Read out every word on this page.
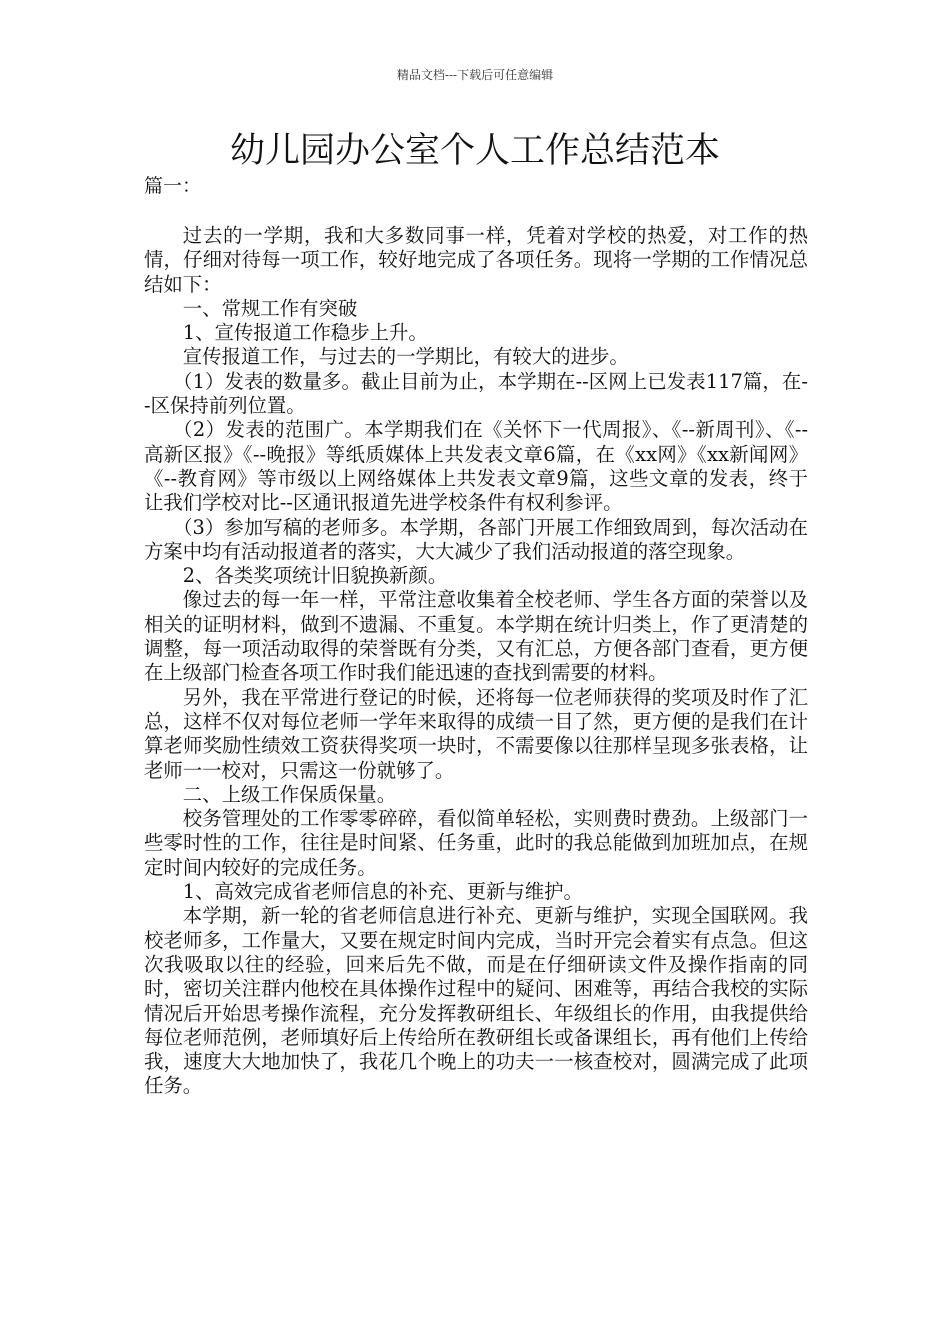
精品文档---下载后可任意编辑
幼儿园办公室个人工作总结范本
篇一：

过去的一学期，我和大多数同事一样，凭着对学校的热爱，对工作的热情，仔细对待每一项工作，较好地完成了各项任务。现将一学期的工作情况总结如下：

一、常规工作有突破

1、宣传报道工作稳步上升。

宣传报道工作，与过去的一学期比，有较大的进步。

（1）发表的数量多。截止目前为止，本学期在--区网上已发表117篇，在--区保持前列位置。

（2）发表的范围广。本学期我们在《关怀下一代周报》、《--新周刊》、《--高新区报》《--晚报》等纸质媒体上共发表文章6篇，在《xx网》《xx新闻网》《--教育网》等市级以上网络媒体上共发表文章9篇，这些文章的发表，终于让我们学校对比--区通讯报道先进学校条件有权利参评。

（3）参加写稿的老师多。本学期，各部门开展工作细致周到，每次活动在方案中均有活动报道者的落实，大大减少了我们活动报道的落空现象。

2、各类奖项统计旧貌换新颜。

像过去的每一年一样，平常注意收集着全校老师、学生各方面的荣誉以及相关的证明材料，做到不遗漏、不重复。本学期在统计归类上，作了更清楚的调整，每一项活动取得的荣誉既有分类，又有汇总，方便各部门查看，更方便在上级部门检查各项工作时我们能迅速的查找到需要的材料。

另外，我在平常进行登记的时候，还将每一位老师获得的奖项及时作了汇总，这样不仅对每位老师一学年来取得的成绩一目了然，更方便的是我们在计算老师奖励性绩效工资获得奖项一块时，不需要像以往那样呈现多张表格，让老师一一校对，只需这一份就够了。

二、上级工作保质保量。

校务管理处的工作零零碎碎，看似简单轻松，实则费时费劲。上级部门一些零时性的工作，往往是时间紧、任务重，此时的我总能做到加班加点，在规定时间内较好的完成任务。

1、高效完成省老师信息的补充、更新与维护。

本学期，新一轮的省老师信息进行补充、更新与维护，实现全国联网。我校老师多，工作量大，又要在规定时间内完成，当时开完会着实有点急。但这次我吸取以往的经验，回来后先不做，而是在仔细研读文件及操作指南的同时，密切关注群内他校在具体操作过程中的疑问、困难等，再结合我校的实际情况后开始思考操作流程，充分发挥教研组长、年级组长的作用，由我提供给每位老师范例，老师填好后上传给所在教研组长或备课组长，再有他们上传给我，速度大大地加快了，我花几个晚上的功夫一一核查校对，圆满完成了此项任务。
